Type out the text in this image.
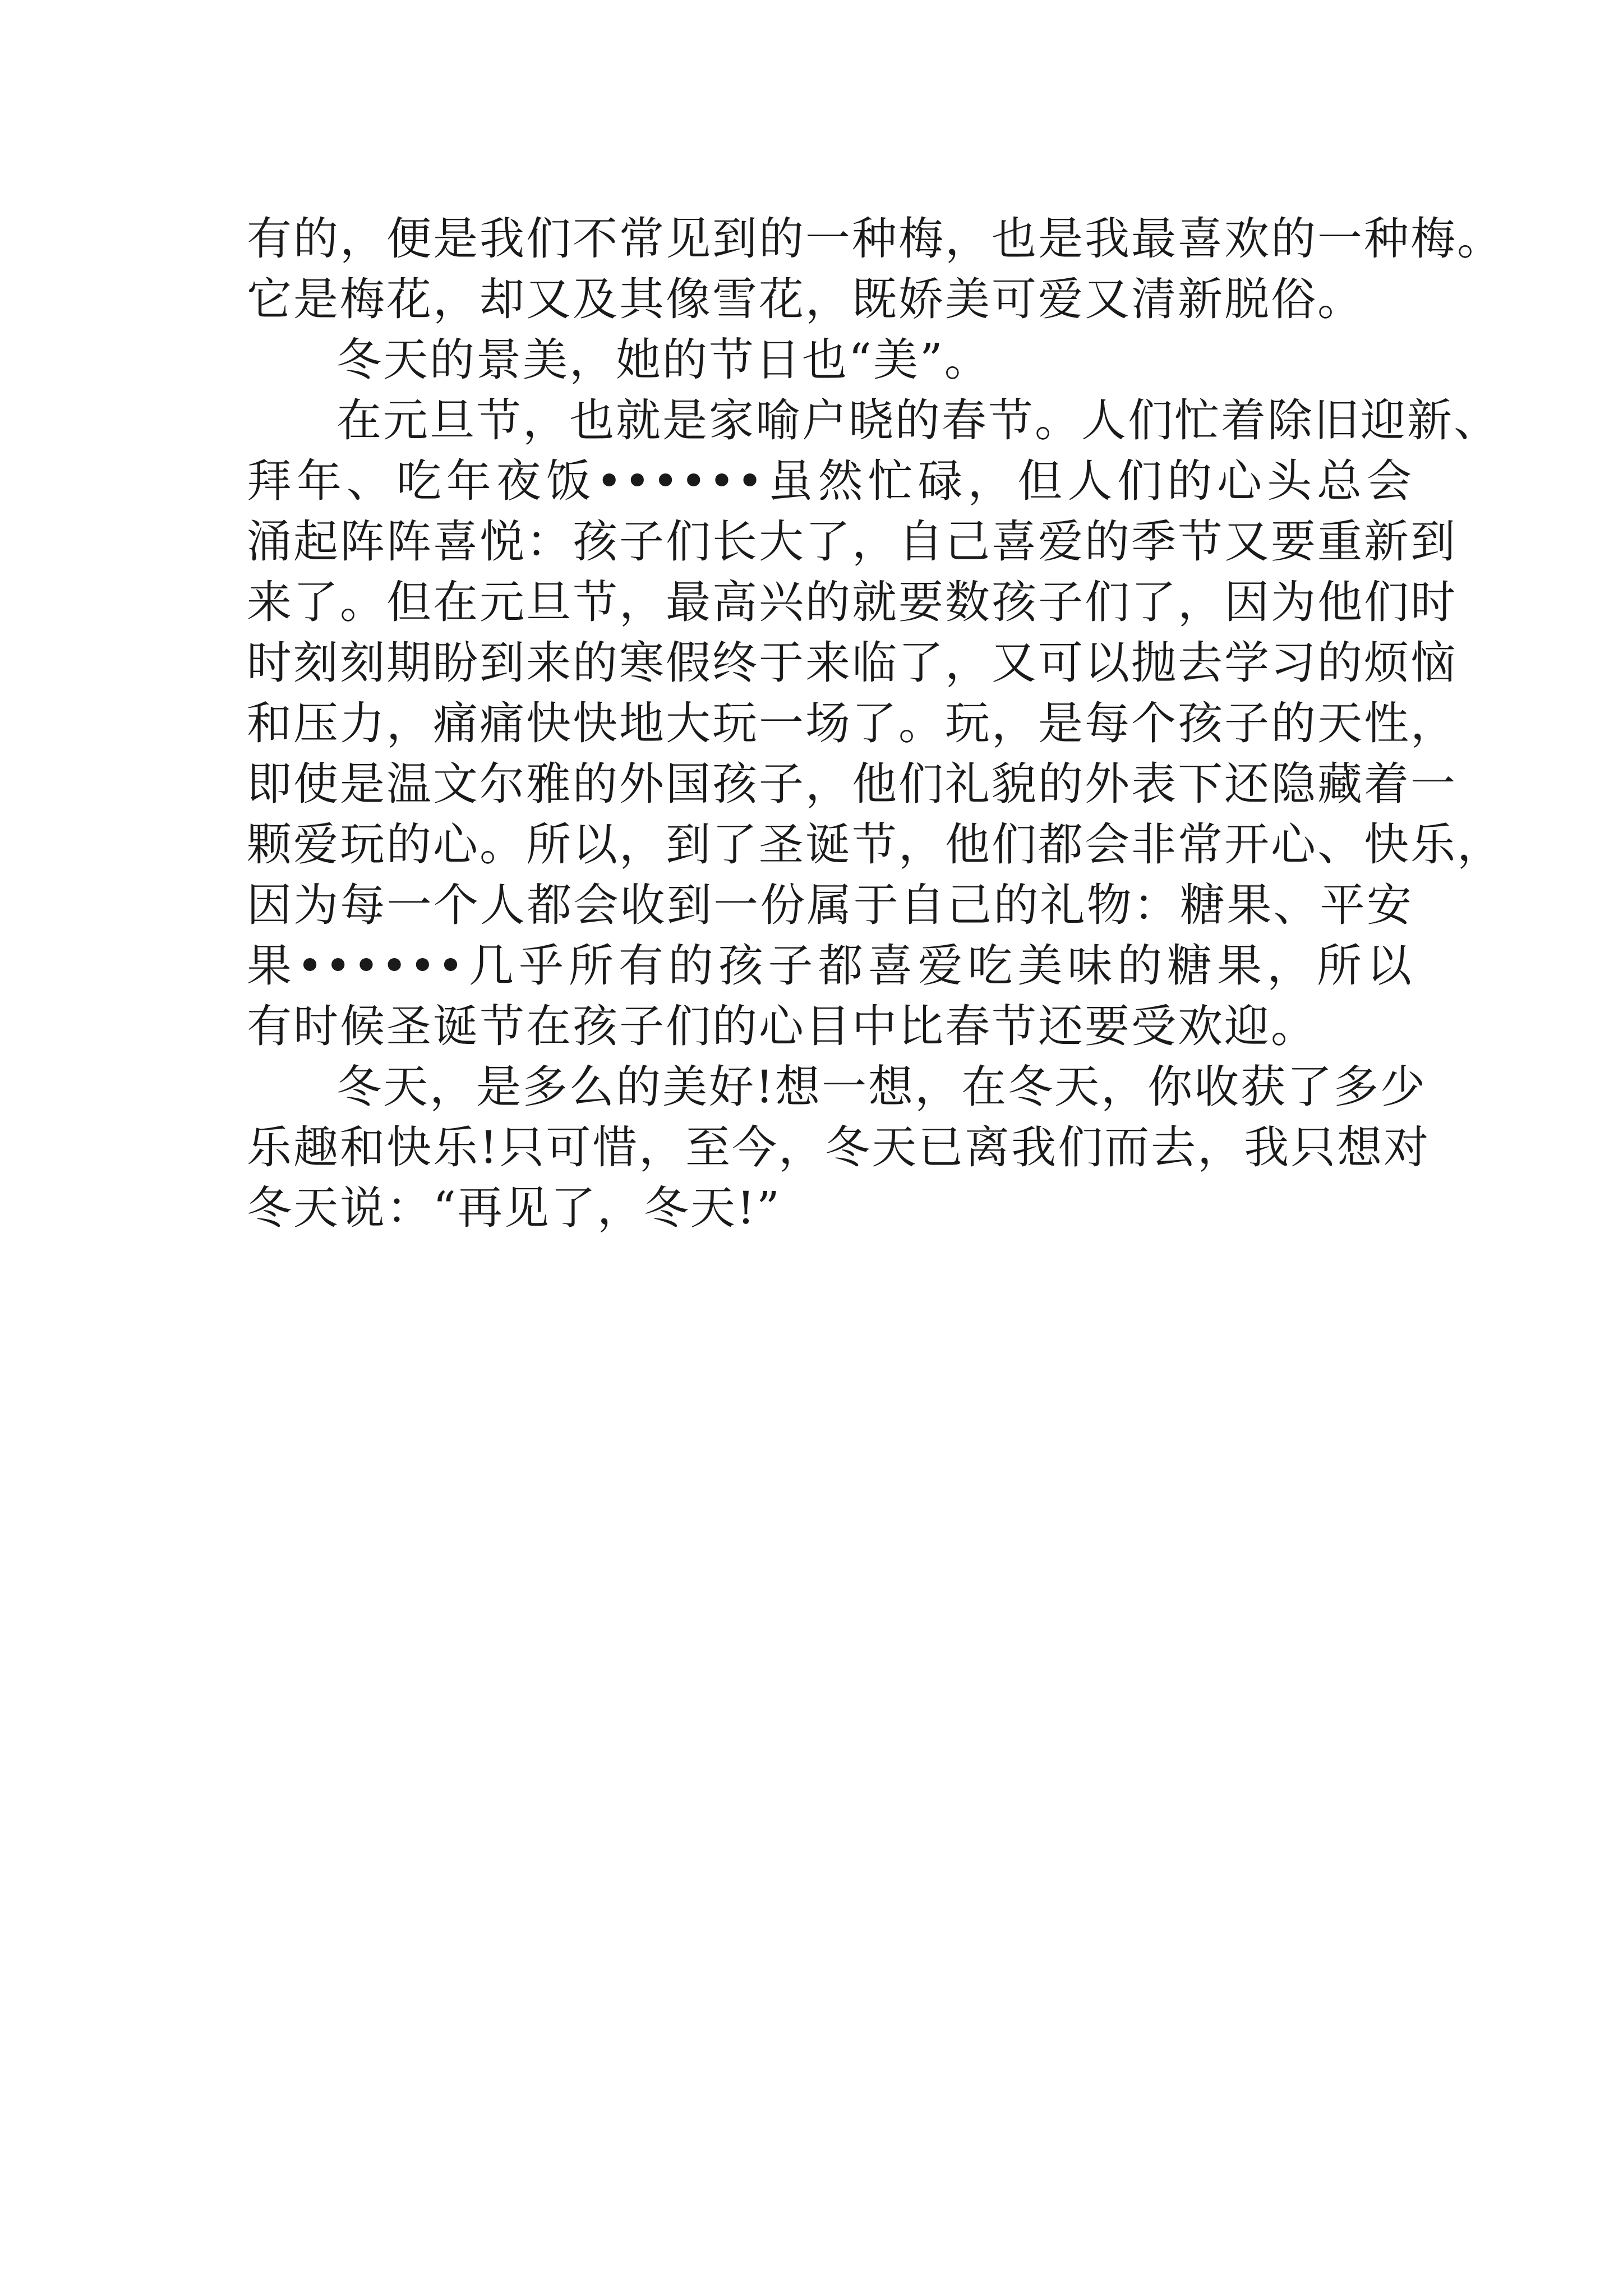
有的，便是我们不常见到的一种梅，也是我最喜欢的一种梅。
它是梅花，却又及其像雪花，既娇美可爱又清新脱俗。
冬天的景美，她的节日也“美”。
在元旦节，也就是家喻户晓的春节。人们忙着除旧迎新、
拜年、吃年夜饭••••••虽然忙碌，但人们的心头总会
涌起阵阵喜悦：孩子们长大了，自己喜爱的季节又要重新到
来了。但在元旦节，最高兴的就要数孩子们了，因为他们时
时刻刻期盼到来的寒假终于来临了，又可以抛去学习的烦恼
和压力，痛痛快快地大玩一场了。玩，是每个孩子的天性，
即使是温文尔雅的外国孩子，他们礼貌的外表下还隐藏着一
颗爱玩的心。所以，到了圣诞节，他们都会非常开心、快乐，
因为每一个人都会收到一份属于自己的礼物：糖果、平安
果••••••几乎所有的孩子都喜爱吃美味的糖果，所以
有时候圣诞节在孩子们的心目中比春节还要受欢迎。
冬天，是多么的美好!想一想，在冬天，你收获了多少
乐趣和快乐!只可惜，至今，冬天已离我们而去，我只想对
冬天说：“再见了，冬天!”
